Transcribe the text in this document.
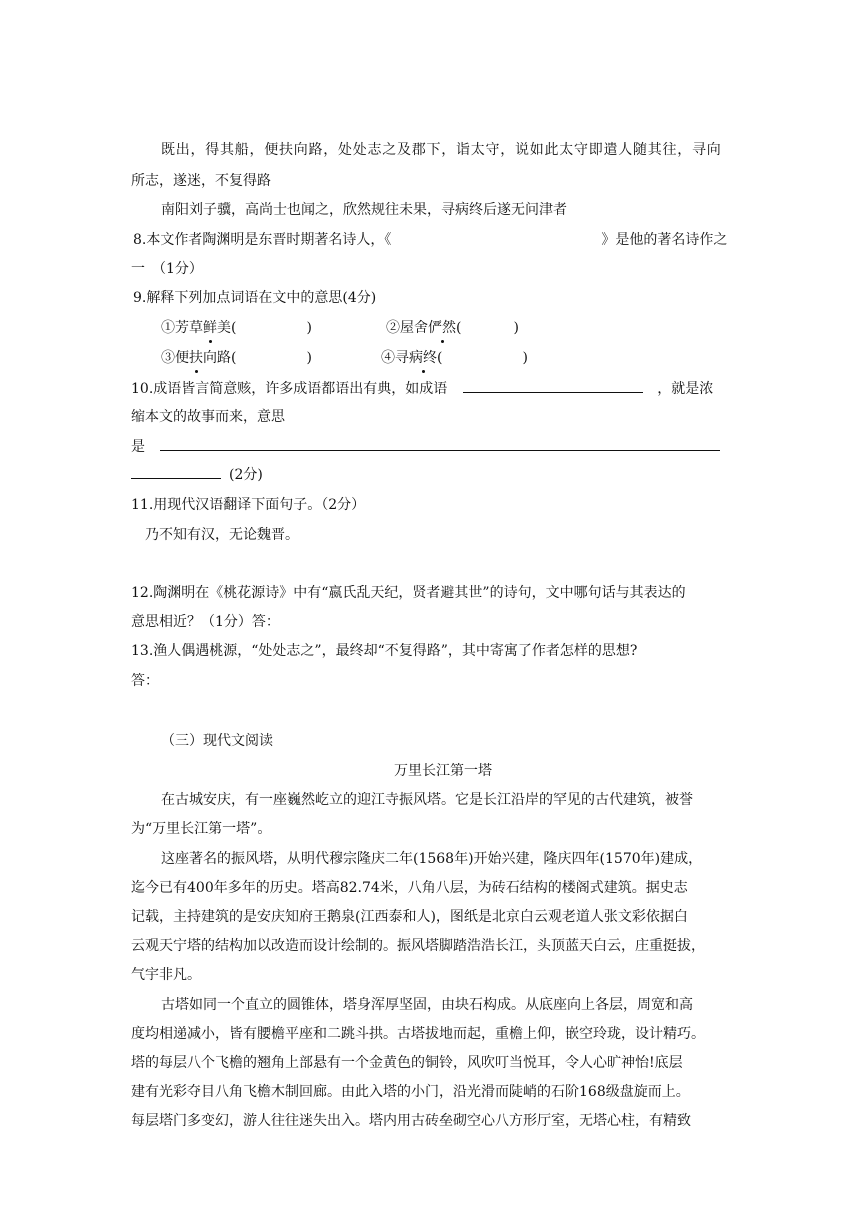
既出，得其船，便扶向路，处处志之及郡下，诣太守，说如此太守即遣人随其往，寻向
所志，遂迷，不复得路
南阳刘子骥，高尚士也闻之，欣然规往未果，寻病终后遂无问津者
8.本文作者陶渊明是东晋时期著名诗人，《	》是他的著名诗作之
一　（1分）
9.解释下列加点词语在文中的意思(4分)
①芳草鲜美(	)	②屋舍俨然(	)
③便扶向路(	)	④寻病终(	)
10.成语皆言简意赅，许多成语都语出有典，如成语	，就是浓
缩本文的故事而来，意思
是
(2分)
11.用现代汉语翻译下面句子。（2分）
乃不知有汉，无论魏晋。
12.陶渊明在《桃花源诗》中有“嬴氏乱天纪，贤者避其世”的诗句，文中哪句话与其表达的
意思相近？（1分）答：
13.渔人偶遇桃源，“处处志之”，最终却“不复得路”，其中寄寓了作者怎样的思想?
答：
（三）现代文阅读
万里长江第一塔
在古城安庆，有一座巍然屹立的迎江寺振风塔。它是长江沿岸的罕见的古代建筑，被誉
为“万里长江第一塔”。
这座著名的振风塔，从明代穆宗隆庆二年(1568年)开始兴建，隆庆四年(1570年)建成，
迄今已有400年多年的历史。塔高82.74米，八角八层，为砖石结构的楼阁式建筑。据史志
记载，主持建筑的是安庆知府王鹅泉(江西泰和人)，图纸是北京白云观老道人张文彩依据白
云观天宁塔的结构加以改造而设计绘制的。振风塔脚踏浩浩长江，头顶蓝天白云，庄重挺拔，
气宇非凡。
古塔如同一个直立的圆锥体，塔身浑厚坚固，由块石构成。从底座向上各层，周宽和高
度均相递减小，皆有腰檐平座和二跳斗拱。古塔拔地而起，重檐上仰，嵌空玲珑，设计精巧。
塔的每层八个飞檐的翘角上部悬有一个金黄色的铜铃，风吹叮当悦耳，令人心旷神怡!底层
建有光彩夺目八角飞檐木制回廊。由此入塔的小门，沿光滑而陡峭的石阶168级盘旋而上。
每层塔门多变幻，游人往往迷失出入。塔内用古砖垒砌空心八方形厅室，无塔心柱，有精致
